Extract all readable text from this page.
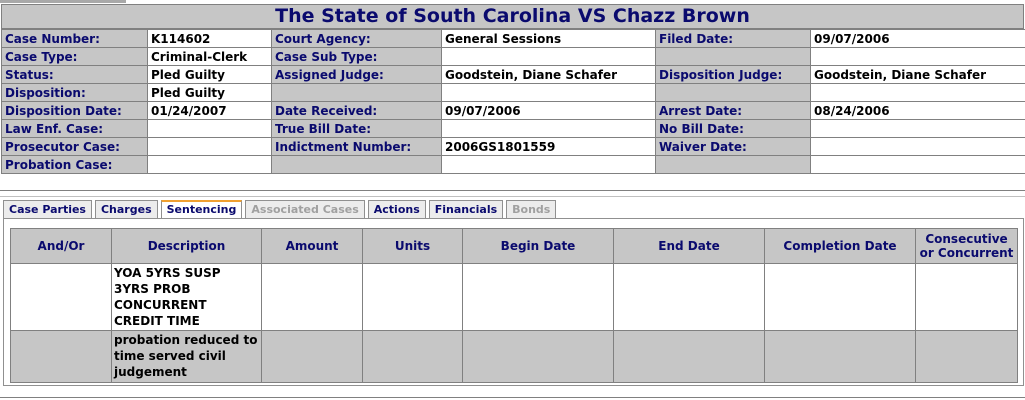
The State of South Carolina VS Chazz Brown
Case Number:	K114602	Court Agency:	General Sessions	Filed Date:	09/07/2006
Case Type:	Criminal-Clerk	Case Sub Type:			
Status:	Pled Guilty	Assigned Judge:	Goodstein, Diane Schafer	Disposition Judge:	Goodstein, Diane Schafer
Disposition:	Pled Guilty				
Disposition Date:	01/24/2007	Date Received:	09/07/2006	Arrest Date:	08/24/2006
Law Enf. Case:		True Bill Date:		No Bill Date:	
Prosecutor Case:		Indictment Number:	2006GS1801559	Waiver Date:	
Probation Case:					
Case Parties	Charges	Sentencing	Associated Cases	Actions	Financials	Bonds
And/Or	Description	Amount	Units	Begin Date	End Date	Completion Date	Consecutive or Concurrent
	YOA 5YRS SUSP 3YRS PROB CONCURRENT CREDIT TIME						
	probation reduced to time served civil judgement						
